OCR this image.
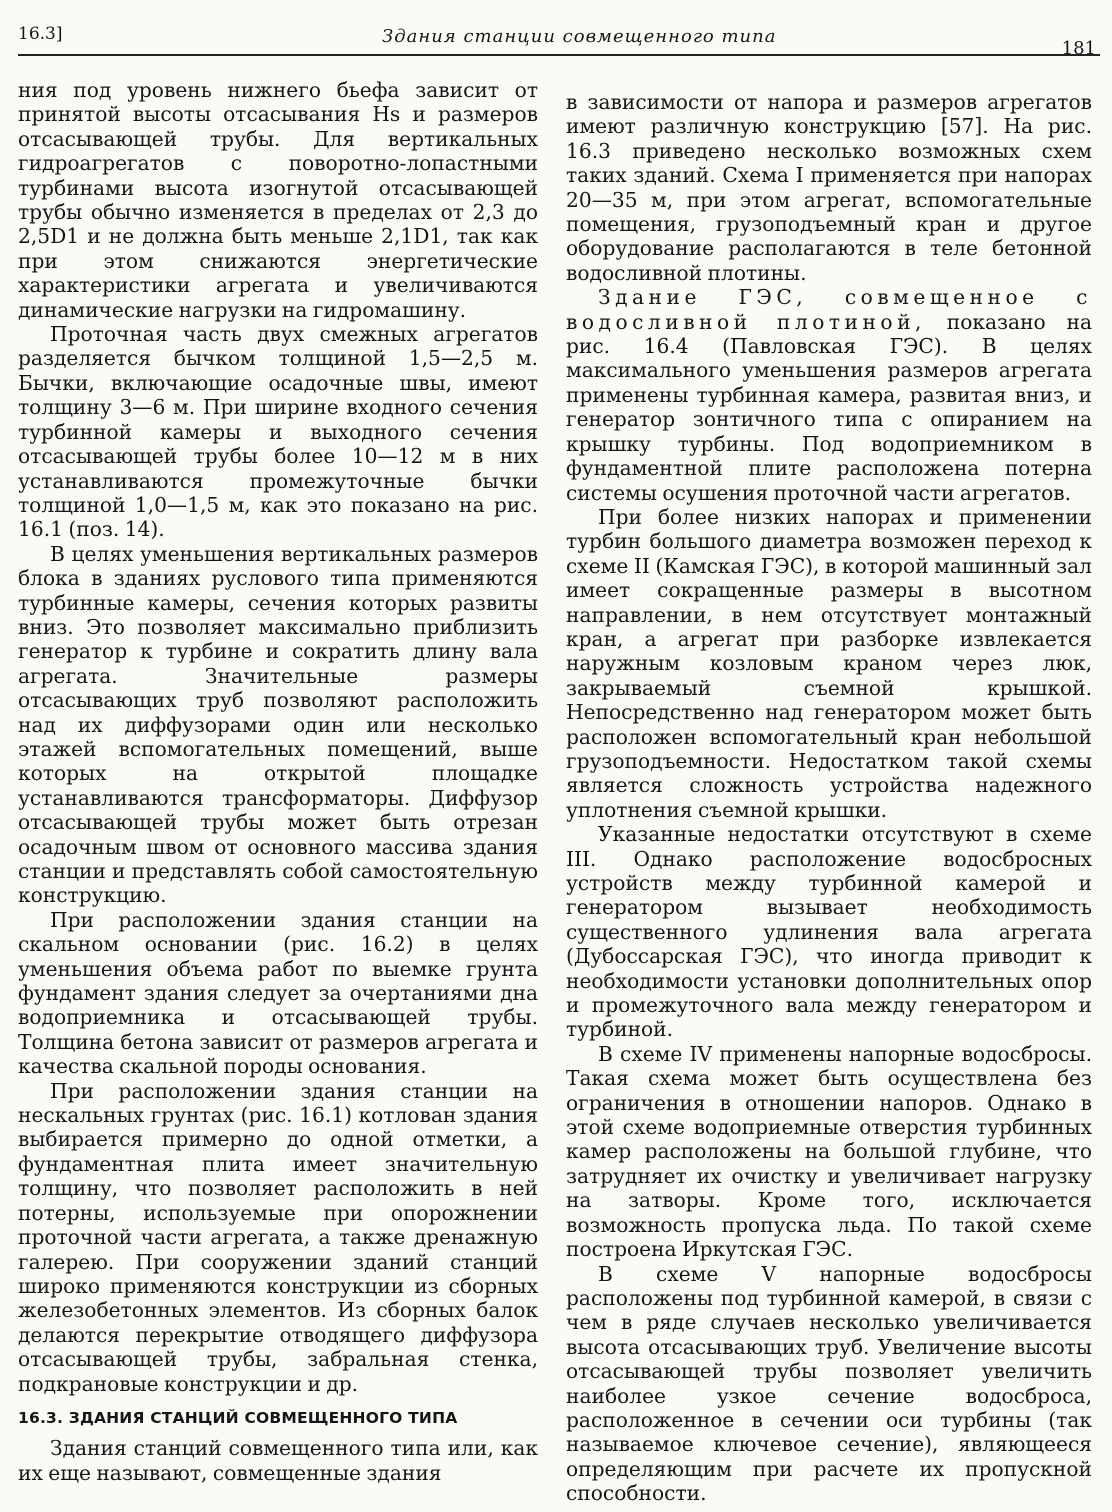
16.3]	Здания станции совмещенного типа
181

ния под уровень нижнего бьефа зависит от принятой высоты отсасывания Hs и размеров отсасывающей трубы. Для вертикальных гидроагрегатов с поворотно-лопастными турбинами высота изогнутой отсасывающей трубы обычно изменяется в пределах от 2,3 до 2,5D1 и не должна быть меньше 2,1D1, так как при этом снижаются энергетические характеристики агрегата и увеличиваются динамические нагрузки на гидромашину.

Проточная часть двух смежных агрегатов разделяется бычком толщиной 1,5—2,5 м. Бычки, включающие осадочные швы, имеют толщину 3—6 м. При ширине входного сечения турбинной камеры и выходного сечения отсасывающей трубы более 10—12 м в них устанавливаются промежуточные бычки толщиной 1,0—1,5 м, как это показано на рис. 16.1 (поз. 14).

В целях уменьшения вертикальных размеров блока в зданиях руслового типа применяются турбинные камеры, сечения которых развиты вниз. Это позволяет максимально приблизить генератор к турбине и сократить длину вала агрегата. Значительные размеры отсасывающих труб позволяют расположить над их диффузорами один или несколько этажей вспомогательных помещений, выше которых на открытой площадке устанавливаются трансформаторы. Диффузор отсасывающей трубы может быть отрезан осадочным швом от основного массива здания станции и представлять собой самостоятельную конструкцию.

При расположении здания станции на скальном основании (рис. 16.2) в целях уменьшения объема работ по выемке грунта фундамент здания следует за очертаниями дна водоприемника и отсасывающей трубы. Толщина бетона зависит от размеров агрегата и качества скальной породы основания.

При расположении здания станции на нескальных грунтах (рис. 16.1) котлован здания выбирается примерно до одной отметки, а фундаментная плита имеет значительную толщину, что позволяет расположить в ней потерны, используемые при опорожнении проточной части агрегата, а также дренажную галерею. При сооружении зданий станций широко применяются конструкции из сборных железобетонных элементов. Из сборных балок делаются перекрытие отводящего диффузора отсасывающей трубы, забральная стенка, подкрановые конструкции и др.

16.3. ЗДАНИЯ СТАНЦИЙ СОВМЕЩЕННОГО ТИПА

Здания станций совмещенного типа или, как их еще называют, совмещенные здания

в зависимости от напора и размеров агрегатов имеют различную конструкцию [57]. На рис. 16.3 приведено несколько возможных схем таких зданий. Схема I применяется при напорах 20—35 м, при этом агрегат, вспомогательные помещения, грузоподъемный кран и другое оборудование располагаются в теле бетонной водосливной плотины.

Здание ГЭС, совмещенное с водосливной плотиной, показано на рис. 16.4 (Павловская ГЭС). В целях максимального уменьшения размеров агрегата применены турбинная камера, развитая вниз, и генератор зонтичного типа с опиранием на крышку турбины. Под водоприемником в фундаментной плите расположена потерна системы осушения проточной части агрегатов.

При более низких напорах и применении турбин большого диаметра возможен переход к схеме II (Камская ГЭС), в которой машинный зал имеет сокращенные размеры в высотном направлении, в нем отсутствует монтажный кран, а агрегат при разборке извлекается наружным козловым краном через люк, закрываемый съемной крышкой. Непосредственно над генератором может быть расположен вспомогательный кран небольшой грузоподъемности. Недостатком такой схемы является сложность устройства надежного уплотнения съемной крышки.

Указанные недостатки отсутствуют в схеме III. Однако расположение водосбросных устройств между турбинной камерой и генератором вызывает необходимость существенного удлинения вала агрегата (Дубоссарская ГЭС), что иногда приводит к необходимости установки дополнительных опор и промежуточного вала между генератором и турбиной.

В схеме IV применены напорные водосбросы. Такая схема может быть осуществлена без ограничения в отношении напоров. Однако в этой схеме водоприемные отверстия турбинных камер расположены на большой глубине, что затрудняет их очистку и увеличивает нагрузку на затворы. Кроме того, исключается возможность пропуска льда. По такой схеме построена Иркутская ГЭС.

В схеме V напорные водосбросы расположены под турбинной камерой, в связи с чем в ряде случаев несколько увеличивается высота отсасывающих труб. Увеличение высоты отсасывающей трубы позволяет увеличить наиболее узкое сечение водосброса, расположенное в сечении оси турбины (так называемое ключевое сечение), являющееся определяющим при расчете их пропускной способности.
